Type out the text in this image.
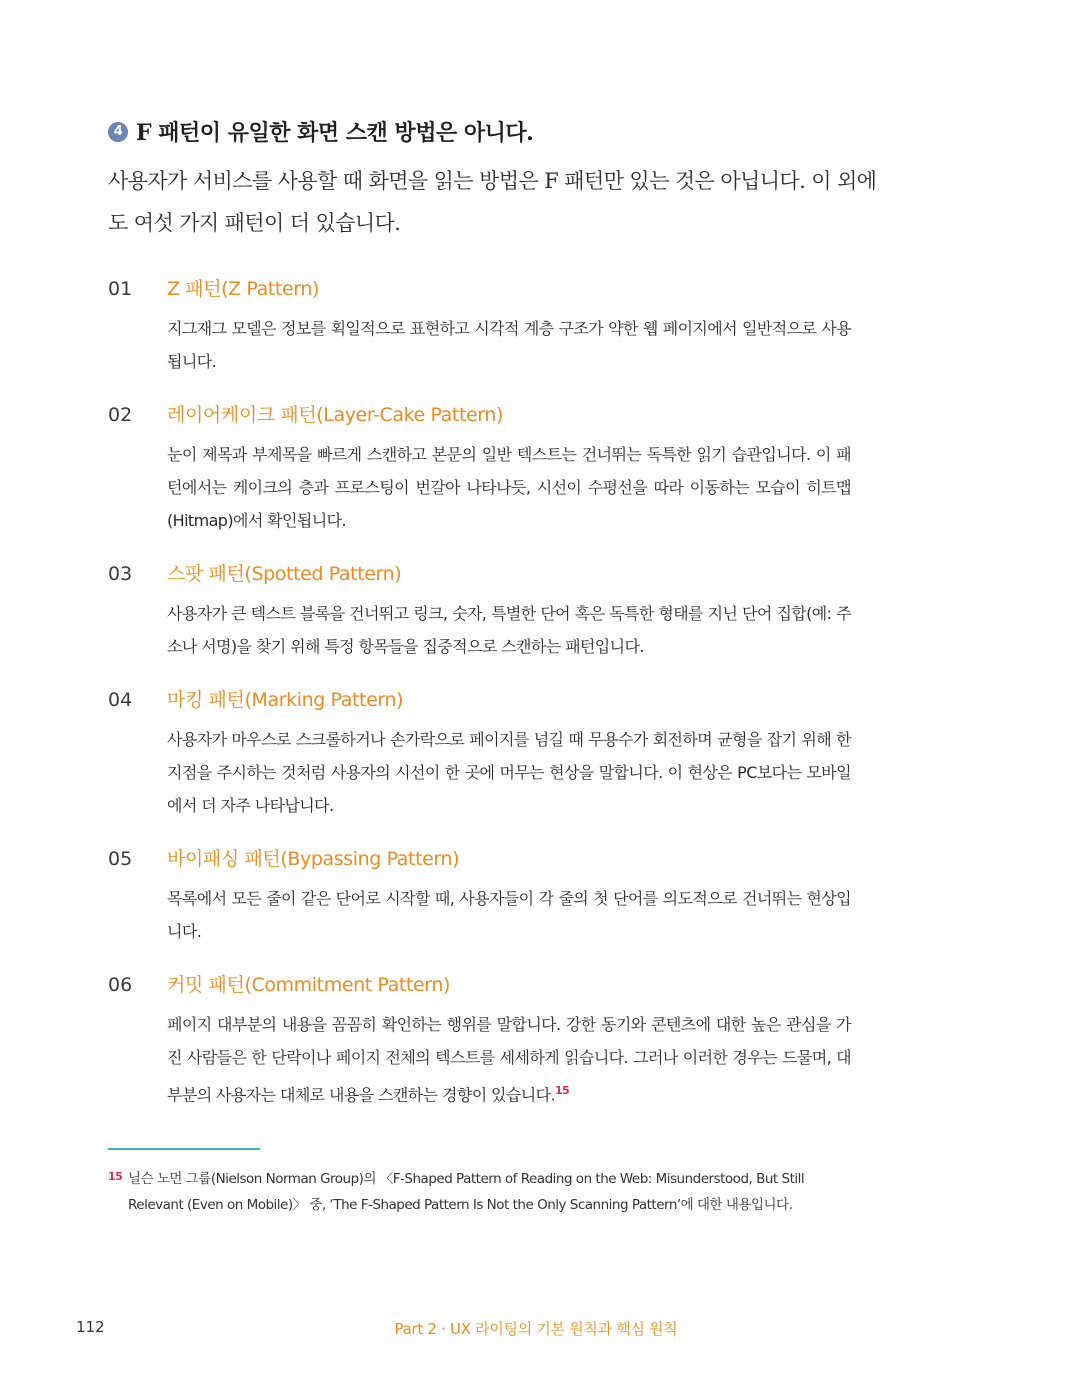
4 F 패턴이 유일한 화면 스캔 방법은 아니다.

사용자가 서비스를 사용할 때 화면을 읽는 방법은 F 패턴만 있는 것은 아닙니다. 이 외에도 여섯 가지 패턴이 더 있습니다.

01 Z 패턴(Z Pattern)
지그재그 모델은 정보를 획일적으로 표현하고 시각적 계층 구조가 약한 웹 페이지에서 일반적으로 사용됩니다.
02 레이어케이크 패턴(Layer-Cake Pattern)
눈이 제목과 부제목을 빠르게 스캔하고 본문의 일반 텍스트는 건너뛰는 독특한 읽기 습관입니다. 이 패턴에서는 케이크의 층과 프로스팅이 번갈아 나타나듯, 시선이 수평선을 따라 이동하는 모습이 히트맵(Hitmap)에서 확인됩니다.
03 스팟 패턴(Spotted Pattern)
사용자가 큰 텍스트 블록을 건너뛰고 링크, 숫자, 특별한 단어 혹은 독특한 형태를 지닌 단어 집합(예: 주소나 서명)을 찾기 위해 특정 항목들을 집중적으로 스캔하는 패턴입니다.
04 마킹 패턴(Marking Pattern)
사용자가 마우스로 스크롤하거나 손가락으로 페이지를 넘길 때 무용수가 회전하며 균형을 잡기 위해 한 지점을 주시하는 것처럼 사용자의 시선이 한 곳에 머무는 현상을 말합니다. 이 현상은 PC보다는 모바일에서 더 자주 나타납니다.
05 바이패싱 패턴(Bypassing Pattern)
목록에서 모든 줄이 같은 단어로 시작할 때, 사용자들이 각 줄의 첫 단어를 의도적으로 건너뛰는 현상입니다.
06 커밋 패턴(Commitment Pattern)
페이지 대부분의 내용을 꼼꼼히 확인하는 행위를 말합니다. 강한 동기와 콘텐츠에 대한 높은 관심을 가진 사람들은 한 단락이나 페이지 전체의 텍스트를 세세하게 읽습니다. 그러나 이러한 경우는 드물며, 대부분의 사용자는 대체로 내용을 스캔하는 경향이 있습니다.$^{15}$
15 닐슨 노먼 그룹(Nielson Norman Group)의 〈F-Shaped Pattern of Reading on the Web: Misunderstood, But Still Relevant (Even on Mobile)〉 중, ‘The F-Shaped Pattern Is Not the Only Scanning Pattern’에 대한 내용입니다.
112	Part 2 · UX 라이팅의 기본 원칙과 핵심 원칙
